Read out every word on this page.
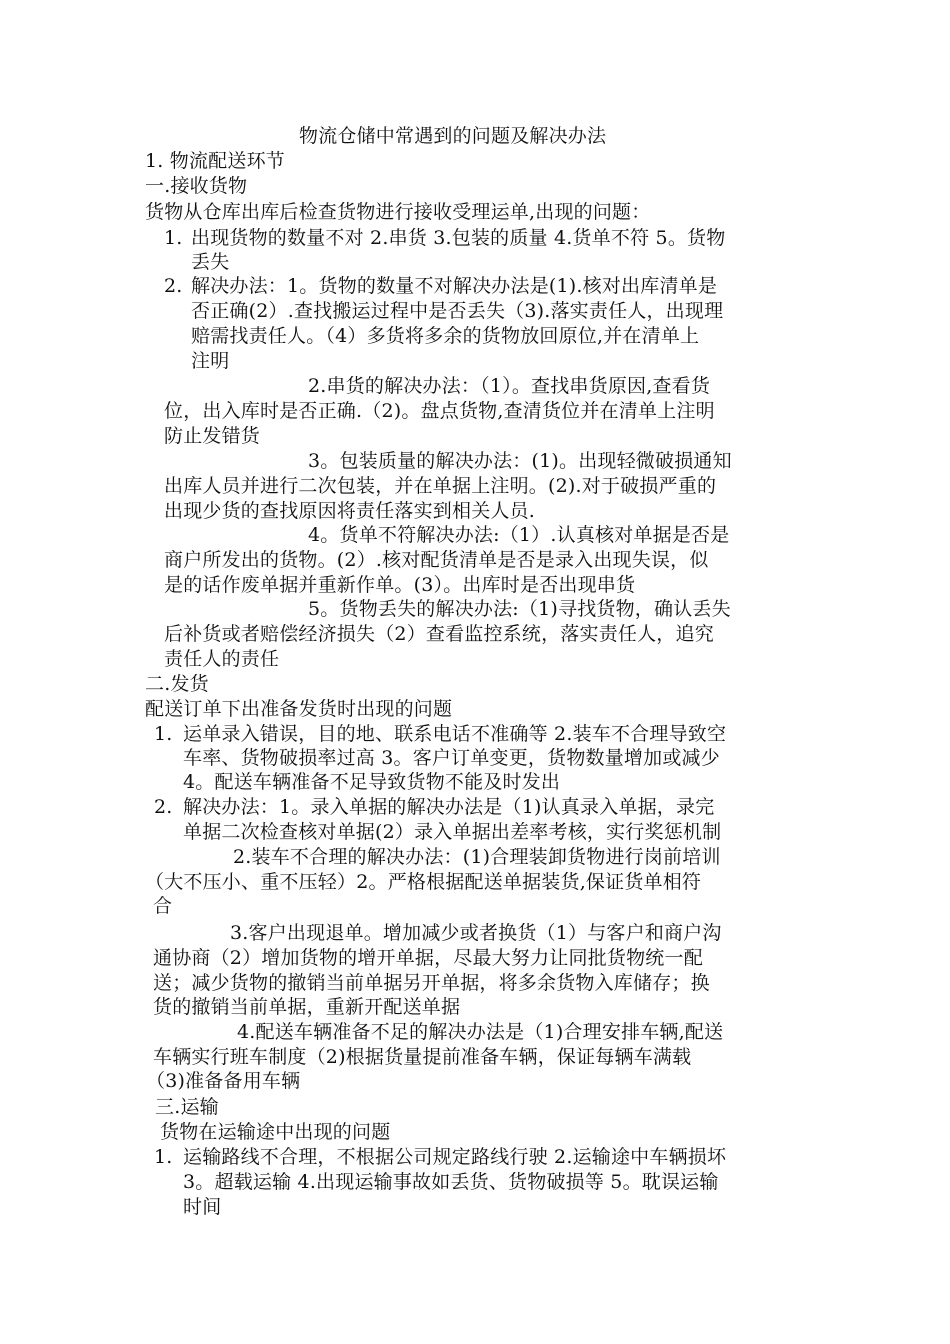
物流仓储中常遇到的问题及解决办法
1. 物流配送环节
一.接收货物
货物从仓库出库后检查货物进行接收受理运单,出现的问题：
1. 出现货物的数量不对 2.串货 3.包装的质量 4.货单不符 5。货物
丢失
2. 解决办法：1。货物的数量不对解决办法是(1).核对出库清单是
否正确(2）.查找搬运过程中是否丢失（3).落实责任人，出现理
赔需找责任人。（4）多货将多余的货物放回原位,并在清单上
注明
2.串货的解决办法：（1）。查找串货原因,查看货
位，出入库时是否正确.（2)。盘点货物,查清货位并在清单上注明
防止发错货
3。包装质量的解决办法：(1)。出现轻微破损通知
出库人员并进行二次包装，并在单据上注明。(2).对于破损严重的
出现少货的查找原因将责任落实到相关人员.
4。货单不符解决办法:（1）.认真核对单据是否是
商户所发出的货物。(2）.核对配货清单是否是录入出现失误，似
是的话作废单据并重新作单。(3）。出库时是否出现串货
5。货物丢失的解决办法:（1)寻找货物，确认丢失
后补货或者赔偿经济损失（2）查看监控系统，落实责任人，追究
责任人的责任
二.发货
配送订单下出准备发货时出现的问题
1. 运单录入错误，目的地、联系电话不准确等 2.装车不合理导致空
车率、货物破损率过高 3。客户订单变更，货物数量增加或减少
4。配送车辆准备不足导致货物不能及时发出
2. 解决办法：1。录入单据的解决办法是（1)认真录入单据，录完
单据二次检查核对单据(2）录入单据出差率考核，实行奖惩机制
2.装车不合理的解决办法：(1)合理装卸货物进行岗前培训
（大不压小、重不压轻）2。严格根据配送单据装货,保证货单相符
合
3.客户出现退单。增加减少或者换货（1）与客户和商户沟
通协商（2）增加货物的增开单据，尽最大努力让同批货物统一配
送；减少货物的撤销当前单据另开单据，将多余货物入库储存；换
货的撤销当前单据，重新开配送单据
4.配送车辆准备不足的解决办法是（1)合理安排车辆,配送
车辆实行班车制度（2)根据货量提前准备车辆，保证每辆车满载
（3)准备备用车辆
三.运输
货物在运输途中出现的问题
1. 运输路线不合理，不根据公司规定路线行驶 2.运输途中车辆损坏
3。超载运输 4.出现运输事故如丢货、货物破损等 5。耽误运输
时间
